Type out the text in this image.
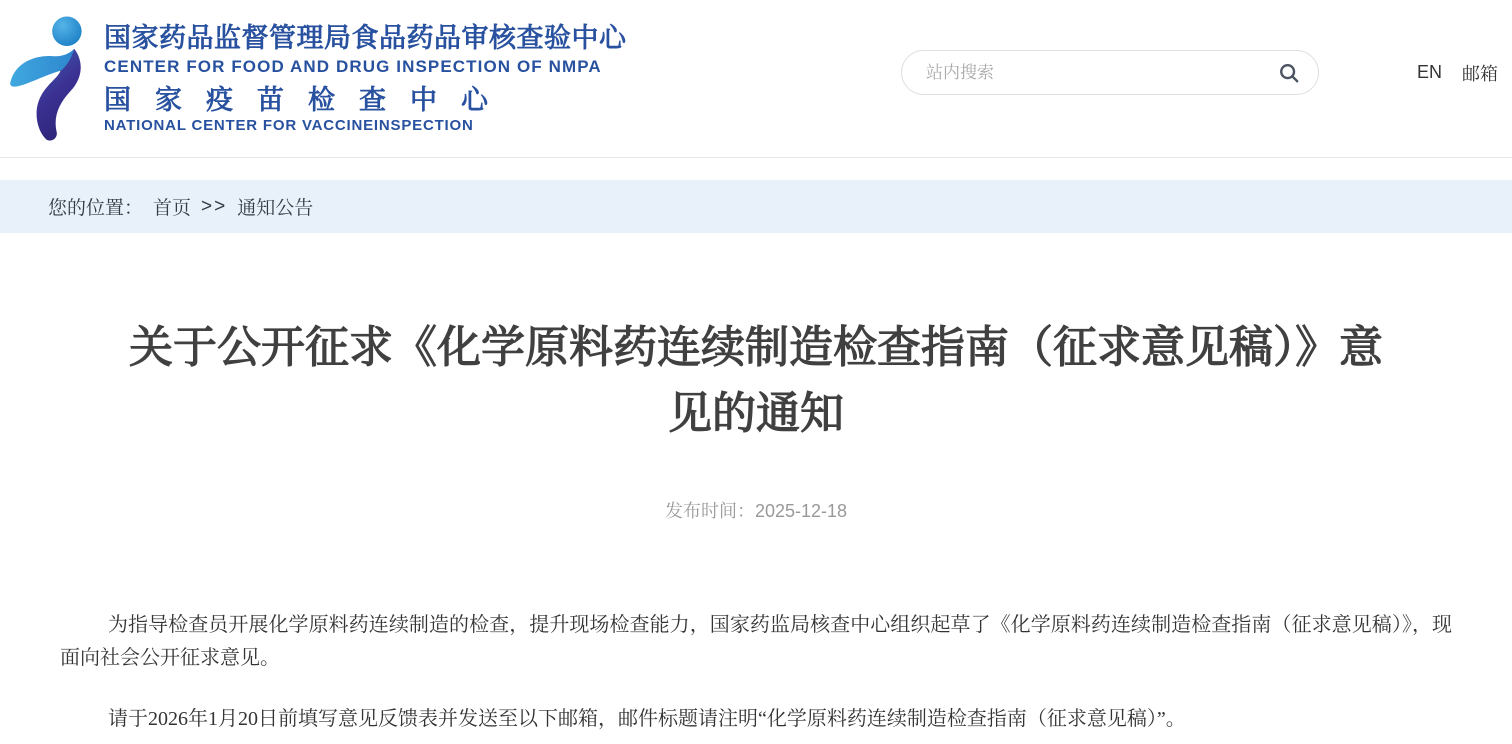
国家药品监督管理局食品药品审核查验中心
CENTER FOR FOOD AND DRUG INSPECTION OF NMPA
国家疫苗检查中心
NATIONAL CENTER FOR VACCINEINSPECTION
站内搜索
EN 邮箱
您的位置： 首页 >> 通知公告
关于公开征求《化学原料药连续制造检查指南（征求意见稿）》意
见的通知
发布时间：2025-12-18

为指导检查员开展化学原料药连续制造的检查，提升现场检查能力，国家药监局核查中心组织起草了《化学原料药连续制造检查指南（征求意见稿）》，现面向社会公开征求意见。

请于2026年1月20日前填写意见反馈表并发送至以下邮箱，邮件标题请注明“化学原料药连续制造检查指南（征求意见稿）”。
